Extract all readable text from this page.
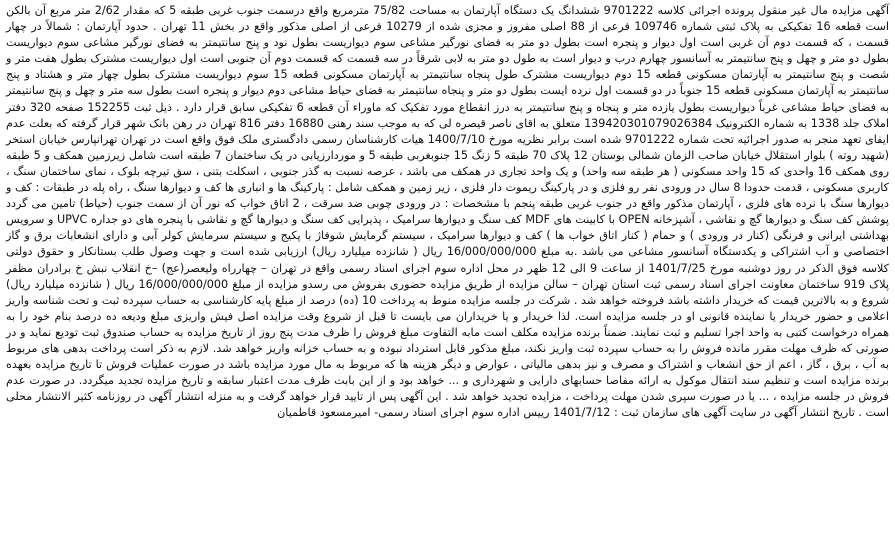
آگهی مزایده مال غیر منقول پرونده اجرائی کلاسه 9701222 ششدانگ یک دستگاه آپارتمان به مساحت 75/82 مترمربع واقع درسمت جنوب غربی طبقه 5 که مقدار 2/62 متر مربع آن بالکن است قطعه 16 تفکیکی به پلاک ثبتی شماره 109746 فرعی از 88 اصلی مفروز و مجزی شده از 10279 فرعی از اصلی مذکور واقع در بخش 11 تهران . حدود آپارتمان : شمالاً در چهار قسمت ، که قسمت دوم آن غربی است اول دیوار و پنجره است بطول دو متر به فضای نورگیر مشاعی سوم دیواریست بطول نود و پنج سانتیمتر به فضای نورگیر مشاعی سوم دیواریست بطول دو متر و چهل و پنج سانتیمتر به آسانسور چهارم درب و دیوار است به طول دو متر به لابی شرقاً در سه قسمت که قسمت دوم آن جنوبی است اول دیواریست مشترک بطول هفت متر و شصت و پنج سانتیمتر به آپارتمان مسکونی قطعه 15 دوم دیواریست مشترک طول پنجاه سانتیمتر به آپارتمان مسکونی قطعه 15 سوم دیواریست مشترک بطول چهار متر و هشتاد و پنج سانتیمتر به آپارتمان مسکونی قطعه 15 جنوباً در دو قسمت اول نرده ایست بطول دو متر و پنجاه سانتیمتر به فضای حیاط مشاعی دوم دیوار و پنجره است بطول سه متر و چهل و پنج سانتیمتر به فضای حیاط مشاعی غرباً دیواریست بطول یازده متر و پنجاه و پنج سانتیمتر به درز انقطاع مورد تفکیک که ماوراء آن قطعه 6 تفکیکی سابق قرار دارد . ذیل ثبت 152255 صفحه 320 دفتر املاک جلد 1338 به شماره الکترونیک 139420301079026384 متعلق به اقای ناصر قیصره لی که به موجب سند رهنی 16880 دفتر 816 تهران در رهن بانک شهر قرار گرفته که بعلت عدم ایفای تعهد منجر به صدور اجرائیه تحت شماره 9701222 شده است برابر نظریه مورخ 1400/7/10 هیات کارشناسان رسمی دادگستری ملک فوق واقع است در تهران تهرانپارس خیابان استخر (شهید روته ) بلوار استقلال خیابان صاحب الزمان شمالی بوستان 12 پلاک 70 طبقه 5 زنگ 15 جنوبغربی طبقه 5 و موردارزیابی در یک ساختمان 7 طبقه است شامل زیرزمین همکف و 5 طبقه روی همکف 16 واحدی که 15 واحد مسکونی ( هر طبقه سه واحد) و یک واحد تجاری در همکف می باشد ، عرصه نسبت به گذر جنوبی ، اسکلت بتنی ، سق تیرچه بلوک ، نمای ساختمان سنگ ، کاربری مسکونی ، قدمت حدودا 8 سال در ورودی نفر رو فلزی و در پارکینگ ریموت دار فلزی ، زیر زمین و همکف شامل : پارکینگ ها و انباری ها کف و دیوارها سنگ ، راه پله در طبقات : کف و دیوارها سنگ با نرده های فلزی ، آپارتمان مذکور واقع در جنوب غربی طبقه پنجم با مشخصات : در ورودی چوبی ضد سرقت ، 2 اتاق خواب که نور آن از سمت جنوب (حیاط) تامین می گردد پوشش کف سنگ و دیوارها گچ و نقاشی ، آشپزخانه OPEN با کابینت های MDF کف سنگ و دیوارها سرامیک ، پذیرایی کف سنگ و دیوارها گچ و نقاشی با پنجره های دو جداره UPVC و سرویس بهداشتی ایرانی و فرنگی (کنار در ورودی ) و حمام ( کنار اتاق خواب ها ) کف و دیوارها سرامیک ، سیستم گرمایش شوفاژ با پکیج و سیستم سرمایش کولر آبی و دارای انشعابات برق و گاز اختصاصی و آب اشتراکی و یکدستگاه آسانسور مشاعی می باشد .به مبلغ 16/000/000/000 ریال ( شانزده میلیارد ریال) ارزیابی شده است و جهت وصول طلب بستانکار و حقوق دولتی کلاسه فوق الذکر در روز دوشنبه مورخ 1401/7/25 از ساعت 9 الی 12 ظهر در محل اداره سوم اجرای اسناد رسمی واقع در تهران – چهارراه ولیعصر(عج) –خ انقلاب نبش خ برادران مظفر پلاک 919 ساختمان معاونت اجرای اسناد رسمی ثبت استان تهران – سالن مزایده از طریق مزایده حضوری بفروش می رسدو مزایده از مبلغ 16/000/000/000 ریال ( شانزده میلیارد ریال) شروع و به بالاترین قیمت که خریدار داشته باشد فروخته خواهد شد . شرکت در جلسه مزایده منوط به پرداخت 10 (ده) درصد از مبلغ پایه کارشناسی به حساب سپرده ثبت و تحت شناسه واریز اعلامی و حضور خریدار یا نماینده قانونی او در جلسه مزایده است. لذا خریدار و یا خریداران می بایست تا قبل از شروع وقت مزایده اصل فیش واریزی مبلغ ودیعه ده درصد بنام خود را به همراه درخواست کتبی به واحد اجرا تسلیم و ثبت نمایند. ضمناً برنده مزایده مکلف است مابه التفاوت مبلغ فروش را ظرف مدت پنج روز از تاریخ مزایده به حساب صندوق ثبت تودیع نماید و در صورتی که ظرف مهلت مقرر مانده فروش را به حساب سپرده ثبت واریز نکند، مبلغ مذکور قابل استرداد نبوده و به حساب خزانه واریز خواهد شد. لازم به ذکر است پرداخت بدهی های مربوط به آب ، برق ، گاز ، اعم از حق انشعاب و اشتراک و مصرف و نیز بدهی مالیاتی ، عوارض و دیگر هزینه ها که مربوط به مال مورد مزایده باشد در صورت عملیات فروش تا تاریخ مزایده بعهده برنده مزایده است و تنظیم سند انتقال موکول به ارائه مفاصا حسابهای دارایی و شهرداری و ... خواهد بود و از این بابت ظرف مدت اعتبار سابقه و تاریخ مزایده تجدید میگردد. در صورت عدم فروش در جلسه مزایده ، ... یا در صورت سپری شدن مهلت پرداخت ، مزایده تجدید خواهد شد . این آگهی پس از تایید قرار خواهد گرفت و به منزله انتشار آگهی در روزنامه کثیر الانتشار محلی است . تاریخ انتشار آگهی در سایت آگهی های سازمان ثبت : 1401/7/12 رییس اداره سوم اجرای اسناد رسمی- امیرمسعود قاطمیان
